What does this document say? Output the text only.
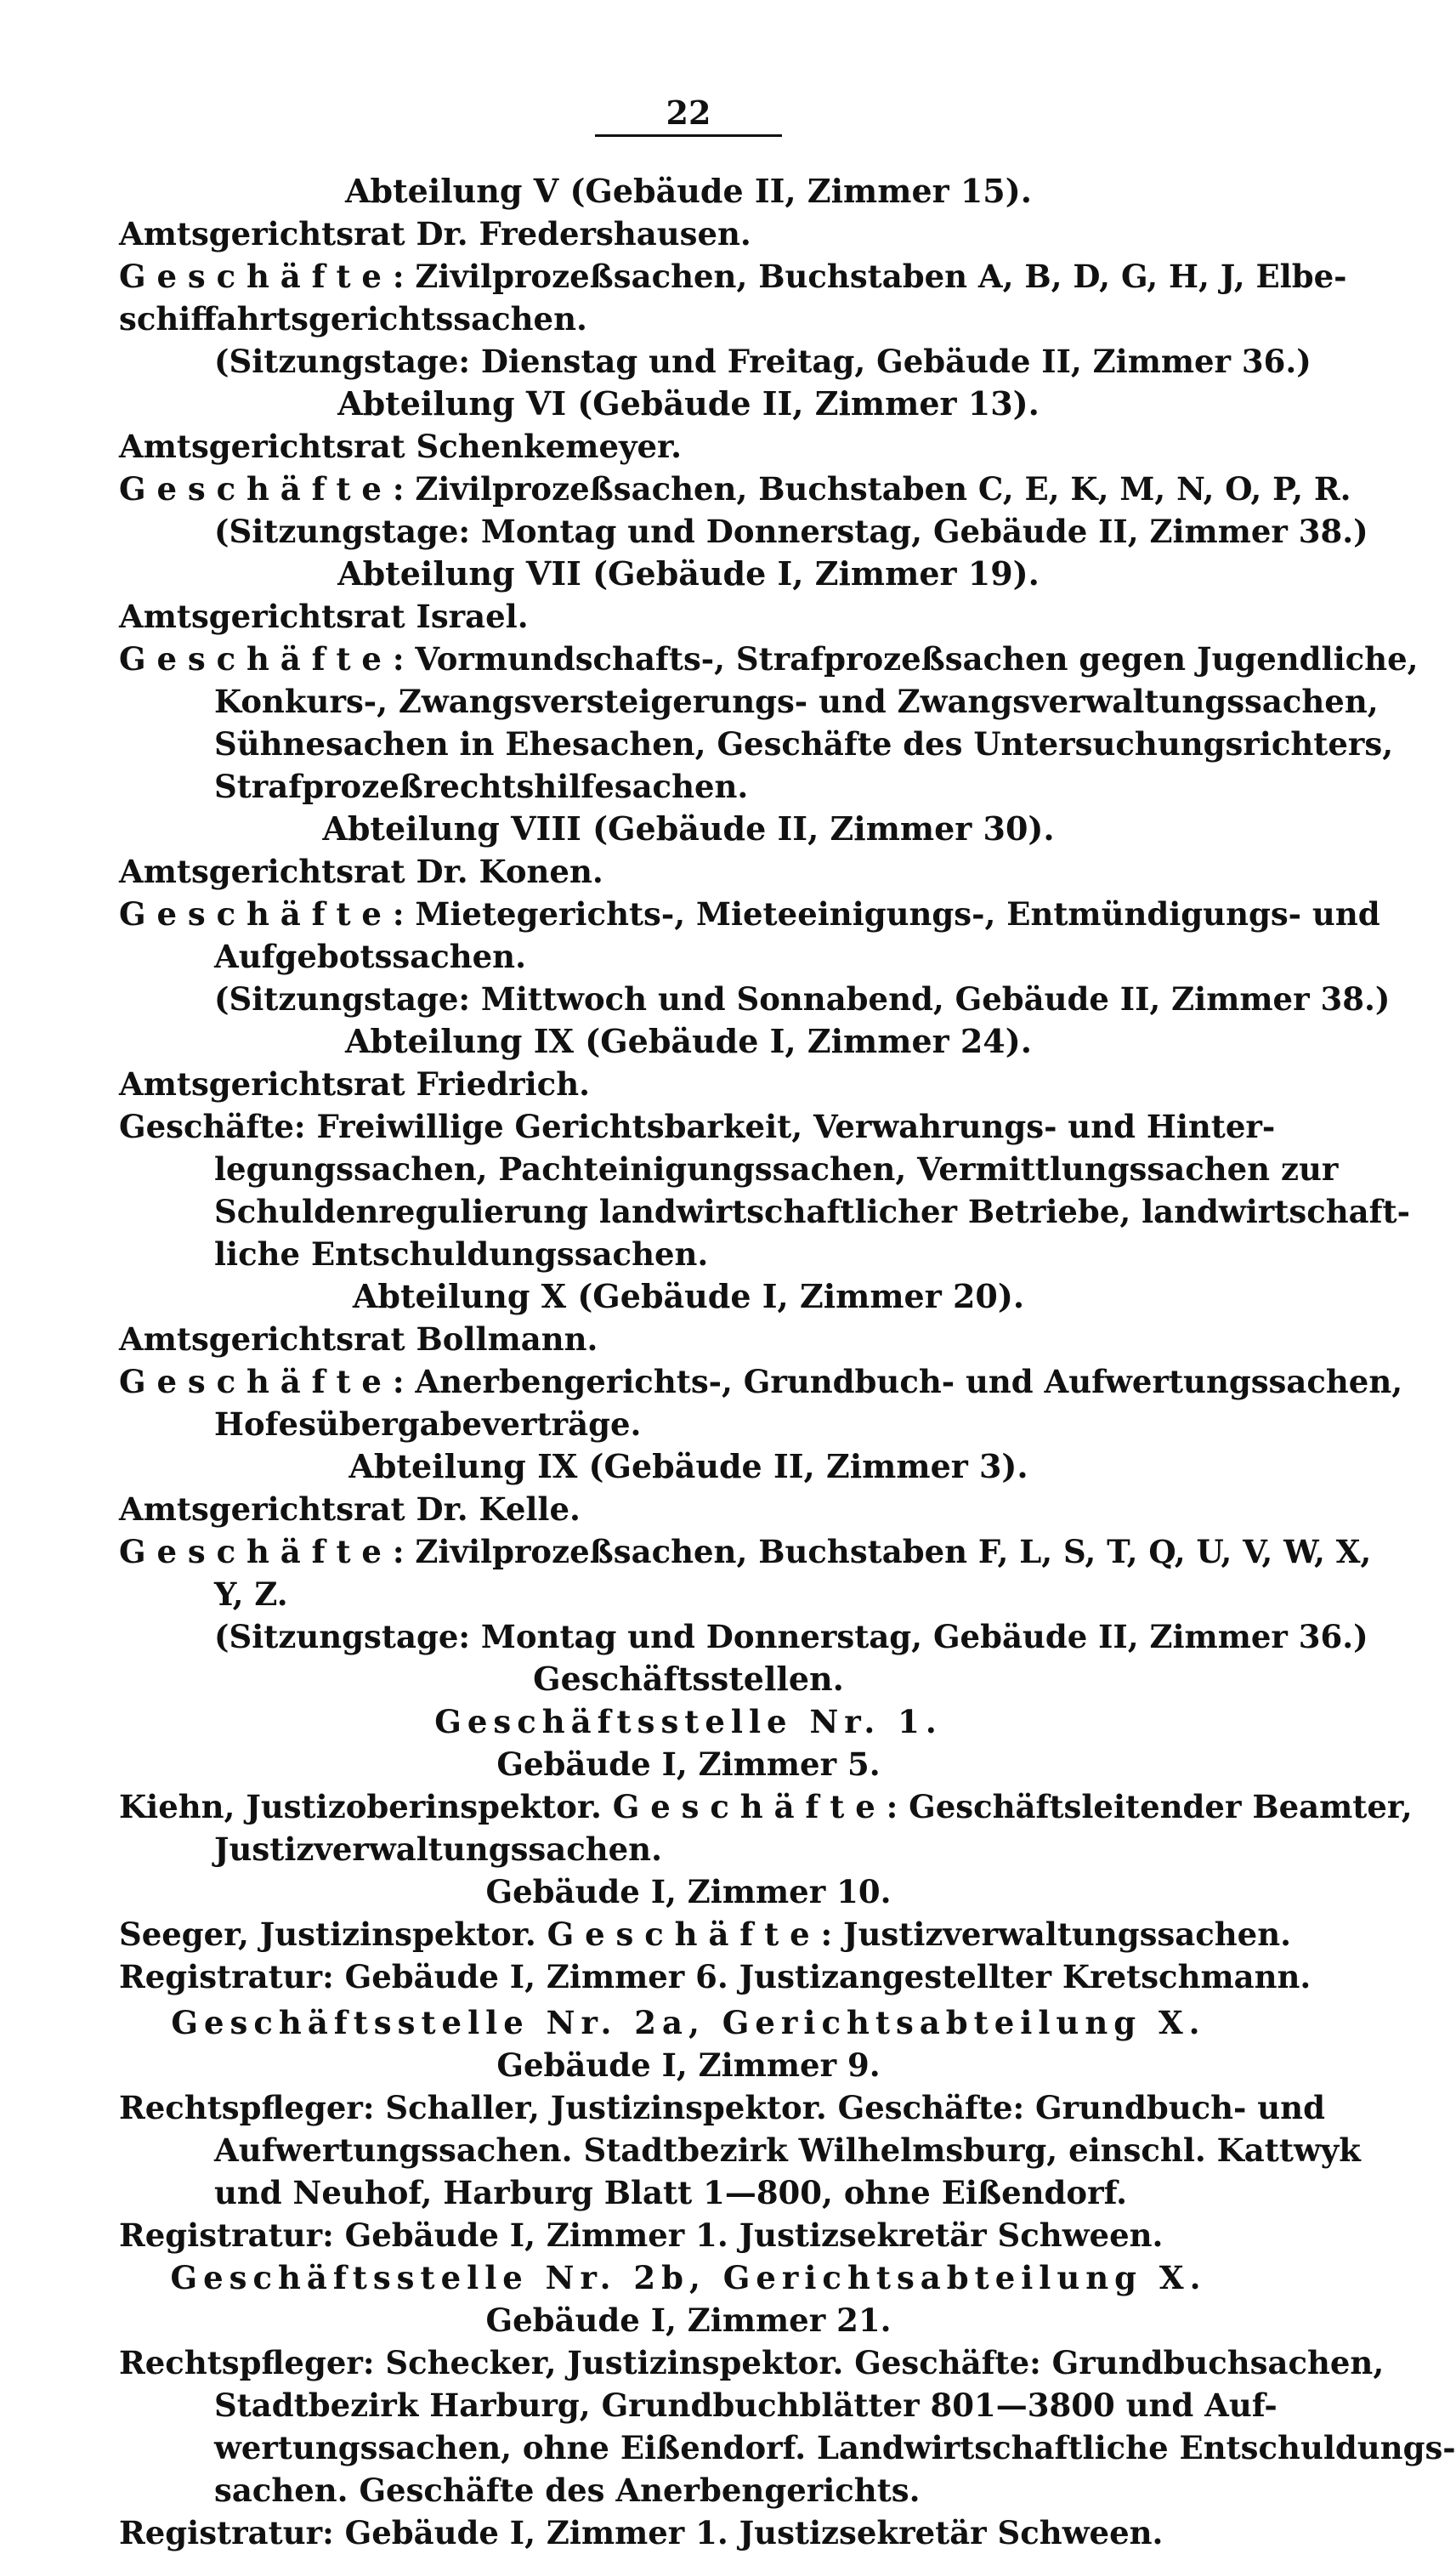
22
Abteilung V (Gebäude II, Zimmer 15).
Amtsgerichtsrat Dr. Fredershausen.
G e s c h ä f t e : Zivilprozeßsachen, Buchstaben A, B, D, G, H, J, Elbe-
schiffahrtsgerichtssachen.
(Sitzungstage: Dienstag und Freitag, Gebäude II, Zimmer 36.)
Abteilung VI (Gebäude II, Zimmer 13).
Amtsgerichtsrat Schenkemeyer.
G e s c h ä f t e : Zivilprozeßsachen, Buchstaben C, E, K, M, N, O, P, R.
(Sitzungstage: Montag und Donnerstag, Gebäude II, Zimmer 38.)
Abteilung VII (Gebäude I, Zimmer 19).
Amtsgerichtsrat Israel.
G e s c h ä f t e : Vormundschafts-, Strafprozeßsachen gegen Jugendliche,
Konkurs-, Zwangsversteigerungs- und Zwangsverwaltungssachen,
Sühnesachen in Ehesachen, Geschäfte des Untersuchungsrichters,
Strafprozeßrechtshilfesachen.
Abteilung VIII (Gebäude II, Zimmer 30).
Amtsgerichtsrat Dr. Konen.
G e s c h ä f t e : Mietegerichts-, Mieteeinigungs-, Entmündigungs- und
Aufgebotssachen.
(Sitzungstage: Mittwoch und Sonnabend, Gebäude II, Zimmer 38.)
Abteilung IX (Gebäude I, Zimmer 24).
Amtsgerichtsrat Friedrich.
Geschäfte: Freiwillige Gerichtsbarkeit, Verwahrungs- und Hinter-
legungssachen, Pachteinigungssachen, Vermittlungssachen zur
Schuldenregulierung landwirtschaftlicher Betriebe, landwirtschaft-
liche Entschuldungssachen.
Abteilung X (Gebäude I, Zimmer 20).
Amtsgerichtsrat Bollmann.
G e s c h ä f t e : Anerbengerichts-, Grundbuch- und Aufwertungssachen,
Hofesübergabeverträge.
Abteilung IX (Gebäude II, Zimmer 3).
Amtsgerichtsrat Dr. Kelle.
G e s c h ä f t e : Zivilprozeßsachen, Buchstaben F, L, S, T, Q, U, V, W, X,
Y, Z.
(Sitzungstage: Montag und Donnerstag, Gebäude II, Zimmer 36.)
Geschäftsstellen.
Geschäftsstelle Nr. 1.
Gebäude I, Zimmer 5.
Kiehn, Justizoberinspektor. G e s c h ä f t e : Geschäftsleitender Beamter,
Justizverwaltungssachen.
Gebäude I, Zimmer 10.
Seeger, Justizinspektor. G e s c h ä f t e : Justizverwaltungssachen.
Registratur: Gebäude I, Zimmer 6. Justizangestellter Kretschmann.
Geschäftsstelle Nr. 2a, Gerichtsabteilung X.
Gebäude I, Zimmer 9.
Rechtspfleger: Schaller, Justizinspektor. Geschäfte: Grundbuch- und
Aufwertungssachen. Stadtbezirk Wilhelmsburg, einschl. Kattwyk
und Neuhof, Harburg Blatt 1—800, ohne Eißendorf.
Registratur: Gebäude I, Zimmer 1. Justizsekretär Schween.
Geschäftsstelle Nr. 2b, Gerichtsabteilung X.
Gebäude I, Zimmer 21.
Rechtspfleger: Schecker, Justizinspektor. Geschäfte: Grundbuchsachen,
Stadtbezirk Harburg, Grundbuchblätter 801—3800 und Auf-
wertungssachen, ohne Eißendorf. Landwirtschaftliche Entschuldungs-
sachen. Geschäfte des Anerbengerichts.
Registratur: Gebäude I, Zimmer 1. Justizsekretär Schween.
